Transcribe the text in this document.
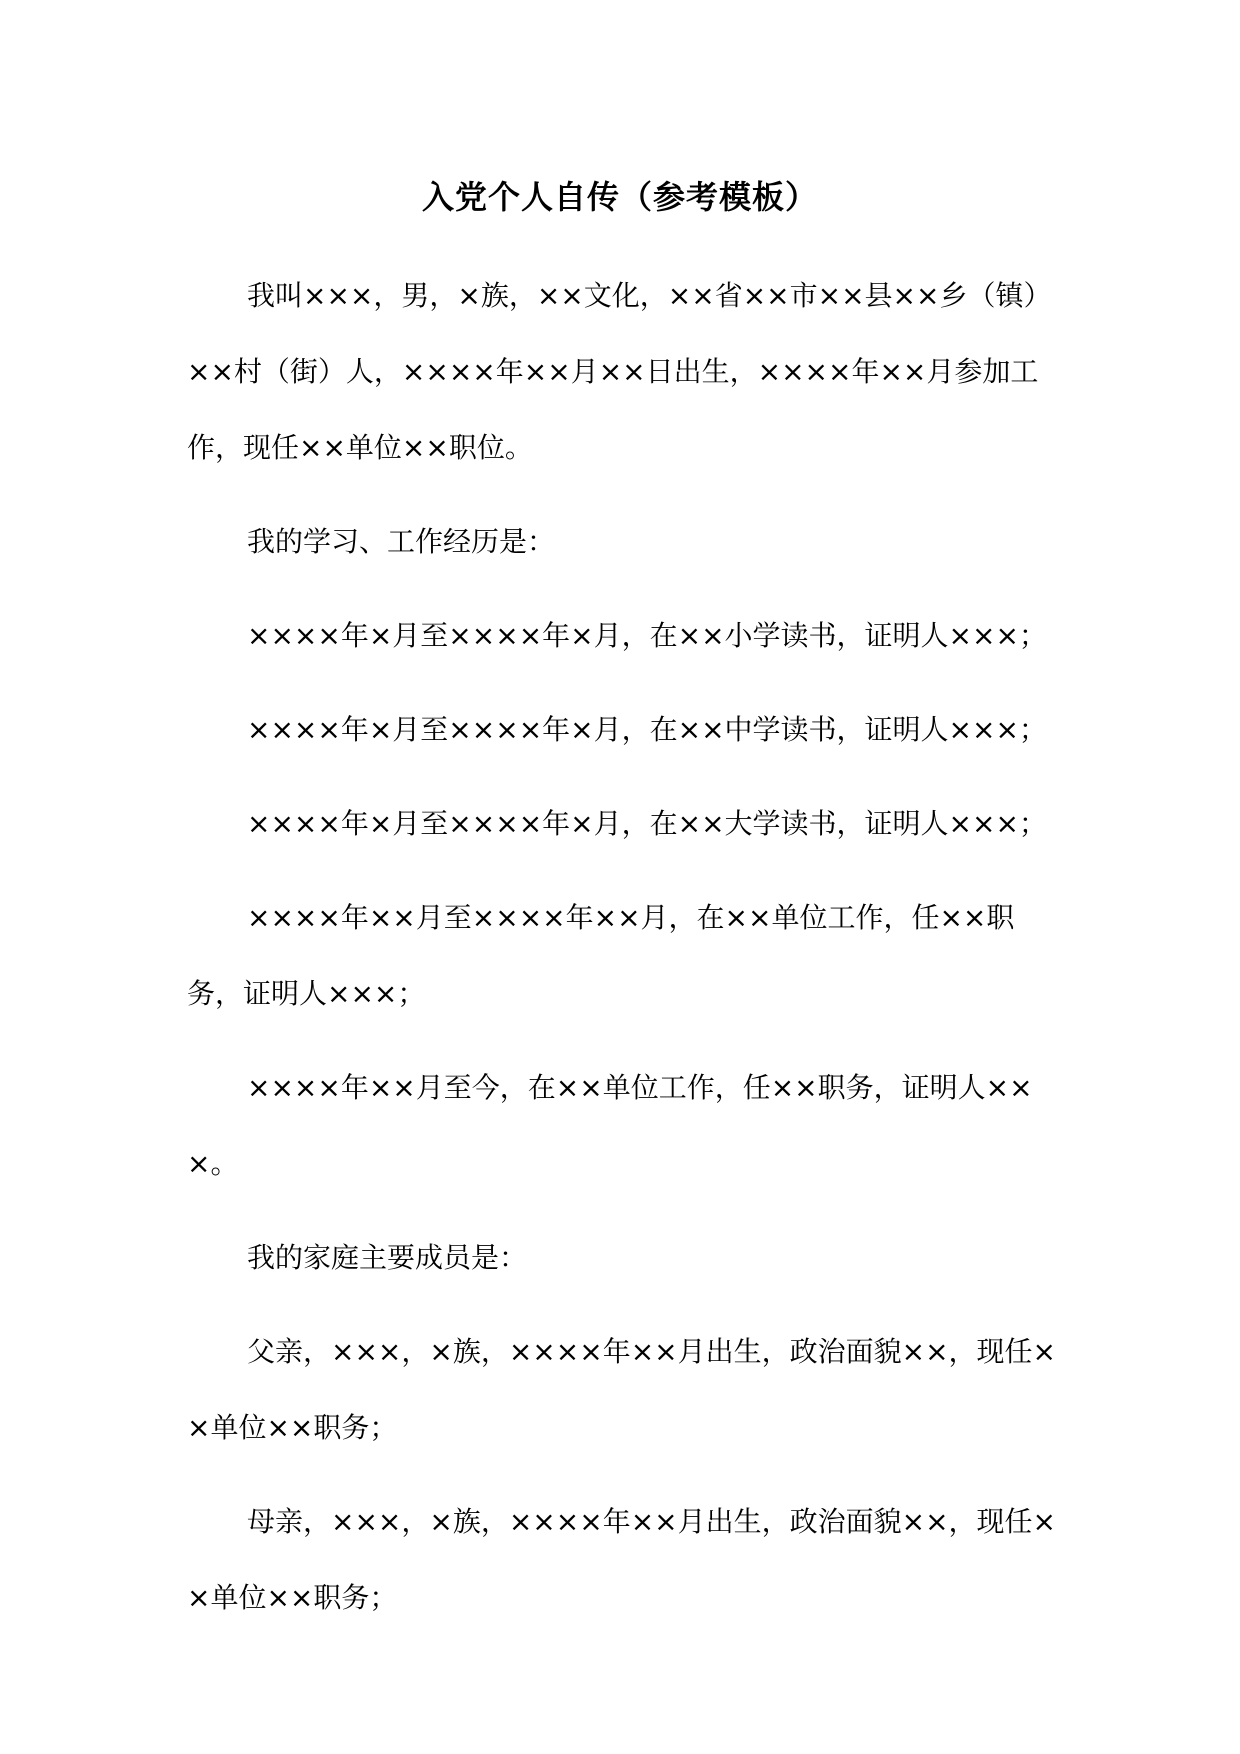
入党个人自传（参考模板）

我叫×××，男，×族，××文化，××省××市××县××乡（镇）××村（街）人，××××年××月××日出生，××××年××月参加工作，现任××单位××职位。

我的学习、工作经历是：

××××年×月至××××年×月，在××小学读书，证明人×××；

××××年×月至××××年×月，在××中学读书，证明人×××；

××××年×月至××××年×月，在××大学读书，证明人×××；

××××年××月至××××年××月，在××单位工作，任××职务，证明人×××；

××××年××月至今，在××单位工作，任××职务，证明人×××。

我的家庭主要成员是：

父亲，×××，×族，××××年××月出生，政治面貌××，现任××单位××职务；

母亲，×××，×族，××××年××月出生，政治面貌××，现任××单位××职务；
